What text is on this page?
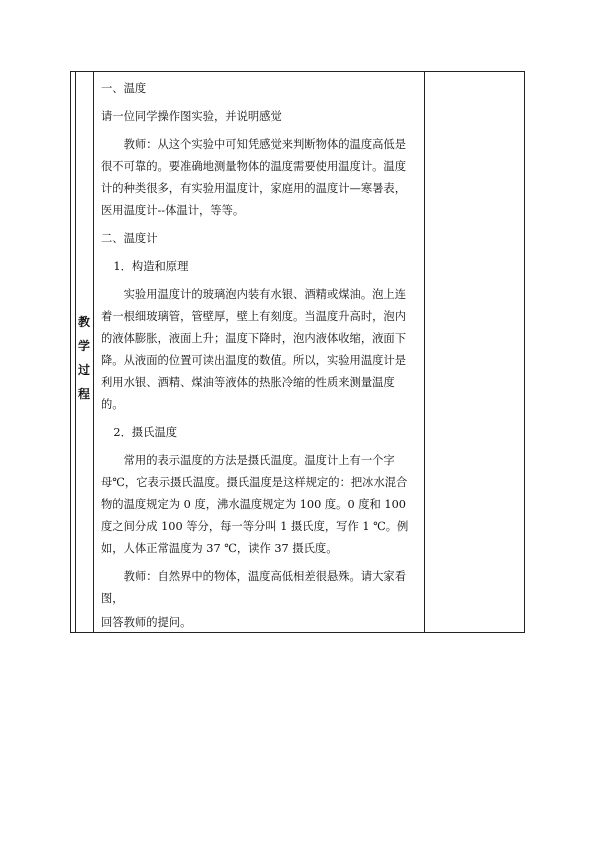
教
学
过
程

一、温度

请一位同学操作图实验，并说明感觉

教师：从这个实验中可知凭感觉来判断物体的温度高低是很不可靠的。要准确地测量物体的温度需要使用温度计。温度计的种类很多，有实验用温度计，家庭用的温度计—寒暑表，医用温度计--体温计，等等。

二、温度计

1．构造和原理

实验用温度计的玻璃泡内装有水银、酒精或煤油。泡上连着一根细玻璃管，管壁厚，壁上有刻度。当温度升高时，泡内的液体膨胀，液面上升；温度下降时，泡内液体收缩，液面下降。从液面的位置可读出温度的数值。所以，实验用温度计是利用水银、酒精、煤油等液体的热胀冷缩的性质来测量温度的。

2．摄氏温度

常用的表示温度的方法是摄氏温度。温度计上有一个字母℃，它表示摄氏温度。摄氏温度是这样规定的：把冰水混合物的温度规定为 0 度，沸水温度规定为 100 度。0 度和 100 度之间分成 100 等分，每一等分叫 1 摄氏度，写作 1 ℃。例如，人体正常温度为 37 ℃，读作 37 摄氏度。

教师：自然界中的物体，温度高低相差很悬殊。请大家看图，

回答教师的提问。
